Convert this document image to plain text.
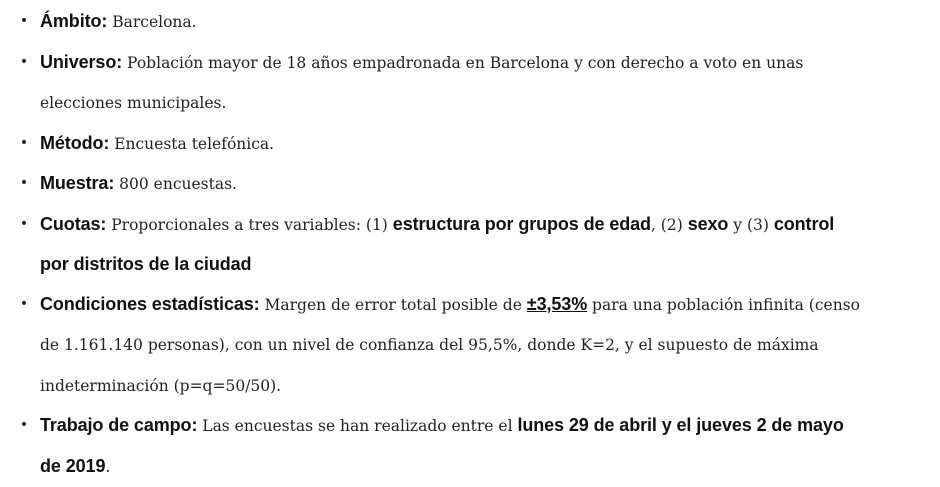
• Ámbito: Barcelona.
• Universo: Población mayor de 18 años empadronada en Barcelona y con derecho a voto en unas
elecciones municipales.
• Método: Encuesta telefónica.
• Muestra: 800 encuestas.
• Cuotas: Proporcionales a tres variables: (1) estructura por grupos de edad, (2) sexo y (3) control
por distritos de la ciudad
• Condiciones estadísticas: Margen de error total posible de ±3,53% para una población infinita (censo
de 1.161.140 personas), con un nivel de confianza del 95,5%, donde K=2, y el supuesto de máxima
indeterminación (p=q=50/50).
• Trabajo de campo: Las encuestas se han realizado entre el lunes 29 de abril y el jueves 2 de mayo
de 2019.
